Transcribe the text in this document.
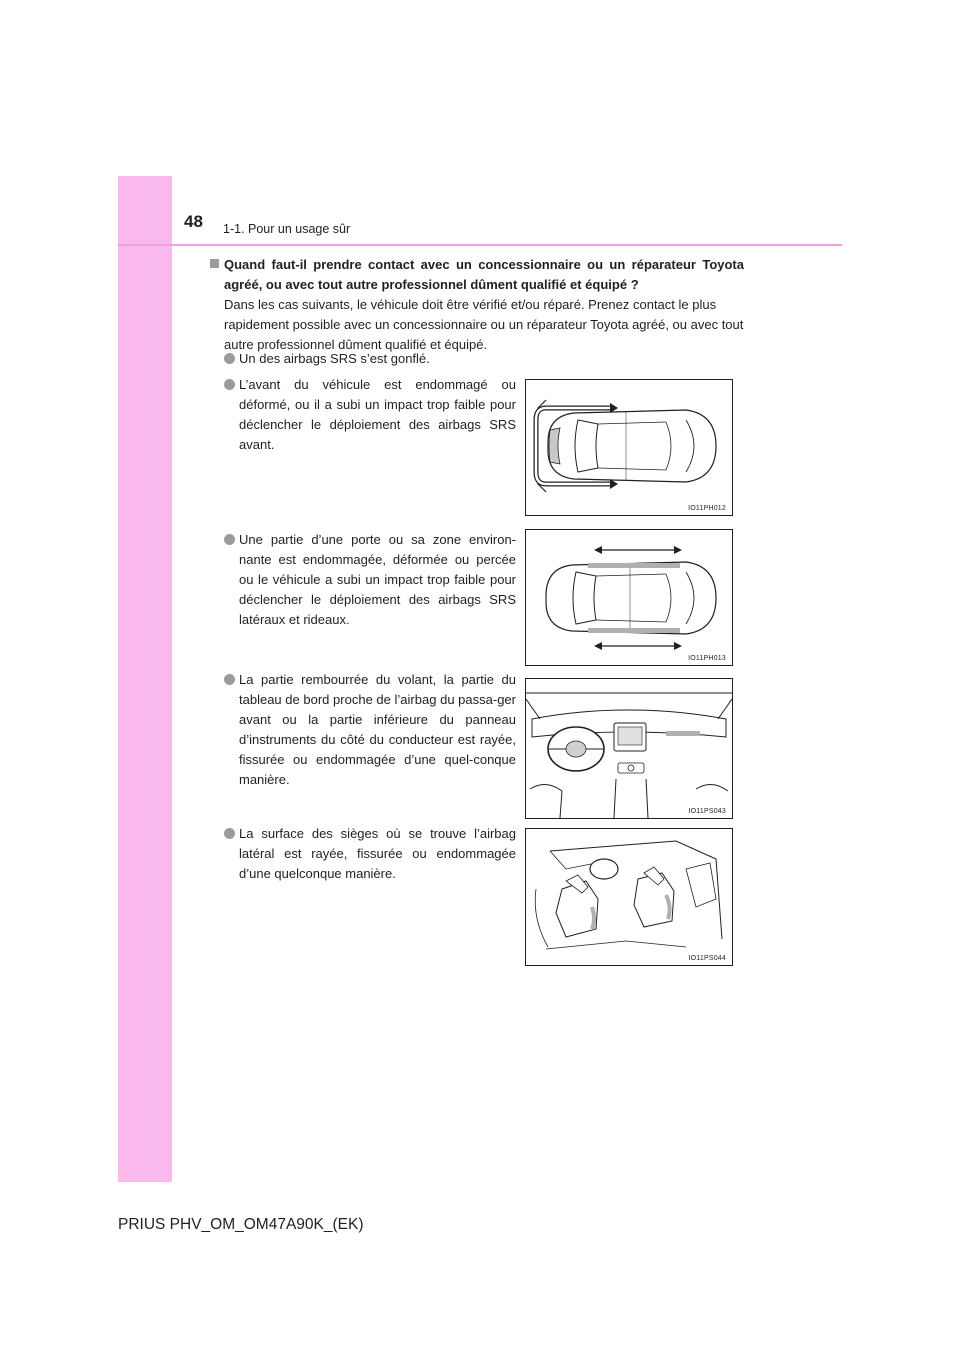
48 1-1. Pour un usage sûr
Quand faut-il prendre contact avec un concessionnaire ou un réparateur Toyota agréé, ou avec tout autre professionnel dûment qualifié et équipé ?
Dans les cas suivants, le véhicule doit être vérifié et/ou réparé. Prenez contact le plus rapidement possible avec un concessionnaire ou un réparateur Toyota agréé, ou avec tout autre professionnel dûment qualifié et équipé.
Un des airbags SRS s’est gonflé.
L’avant du véhicule est endommagé ou déformé, ou il a subi un impact trop faible pour déclencher le déploiement des airbags SRS avant.
Une partie d’une porte ou sa zone environ-nante est endommagée, déformée ou percée ou le véhicule a subi un impact trop faible pour déclencher le déploiement des airbags SRS latéraux et rideaux.
La partie rembourrée du volant, la partie du tableau de bord proche de l’airbag du passa-ger avant ou la partie inférieure du panneau d’instruments du côté du conducteur est rayée, fissurée ou endommagée d’une quel-conque manière.
La surface des sièges où se trouve l’airbag latéral est rayée, fissurée ou endommagée d’une quelconque manière.
IO11PH012
IO11PH013
IO11PS043
IO11PS044
PRIUS PHV_OM_OM47A90K_(EK)
